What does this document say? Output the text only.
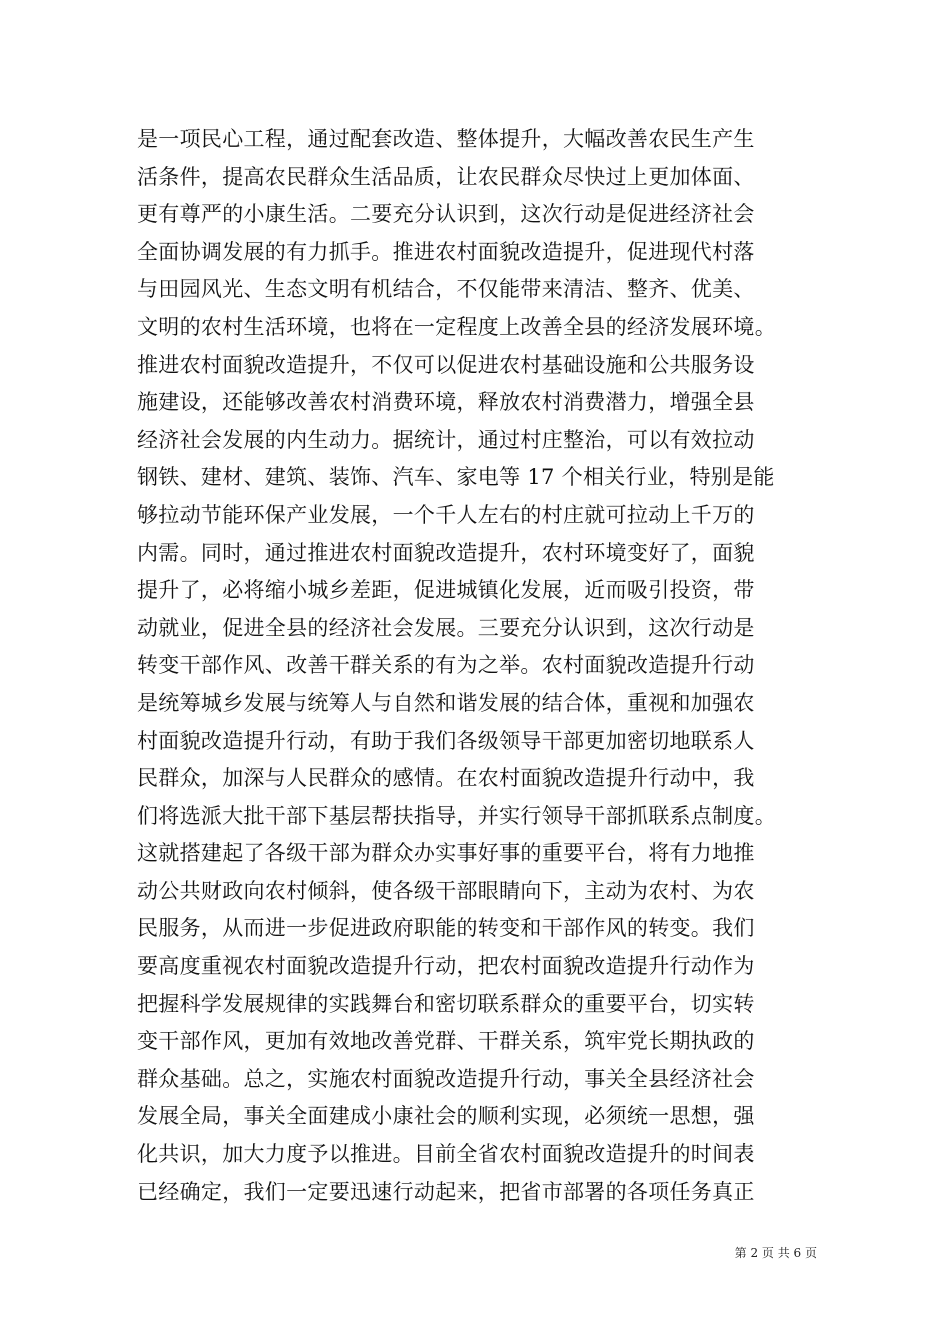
是一项民心工程，通过配套改造、整体提升，大幅改善农民生产生
活条件，提高农民群众生活品质，让农民群众尽快过上更加体面、
更有尊严的小康生活。二要充分认识到，这次行动是促进经济社会
全面协调发展的有力抓手。推进农村面貌改造提升，促进现代村落
与田园风光、生态文明有机结合，不仅能带来清洁、整齐、优美、
文明的农村生活环境，也将在一定程度上改善全县的经济发展环境。
推进农村面貌改造提升，不仅可以促进农村基础设施和公共服务设
施建设，还能够改善农村消费环境，释放农村消费潜力，增强全县
经济社会发展的内生动力。据统计，通过村庄整治，可以有效拉动
钢铁、建材、建筑、装饰、汽车、家电等 17 个相关行业，特别是能
够拉动节能环保产业发展，一个千人左右的村庄就可拉动上千万的
内需。同时，通过推进农村面貌改造提升，农村环境变好了，面貌
提升了，必将缩小城乡差距，促进城镇化发展，近而吸引投资，带
动就业，促进全县的经济社会发展。三要充分认识到，这次行动是
转变干部作风、改善干群关系的有为之举。农村面貌改造提升行动
是统筹城乡发展与统筹人与自然和谐发展的结合体，重视和加强农
村面貌改造提升行动，有助于我们各级领导干部更加密切地联系人
民群众，加深与人民群众的感情。在农村面貌改造提升行动中，我
们将选派大批干部下基层帮扶指导，并实行领导干部抓联系点制度。
这就搭建起了各级干部为群众办实事好事的重要平台，将有力地推
动公共财政向农村倾斜，使各级干部眼睛向下，主动为农村、为农
民服务，从而进一步促进政府职能的转变和干部作风的转变。我们
要高度重视农村面貌改造提升行动，把农村面貌改造提升行动作为
把握科学发展规律的实践舞台和密切联系群众的重要平台，切实转
变干部作风，更加有效地改善党群、干群关系，筑牢党长期执政的
群众基础。总之，实施农村面貌改造提升行动，事关全县经济社会
发展全局，事关全面建成小康社会的顺利实现，必须统一思想，强
化共识，加大力度予以推进。目前全省农村面貌改造提升的时间表
已经确定，我们一定要迅速行动起来，把省市部署的各项任务真正
第 2 页 共 6 页
